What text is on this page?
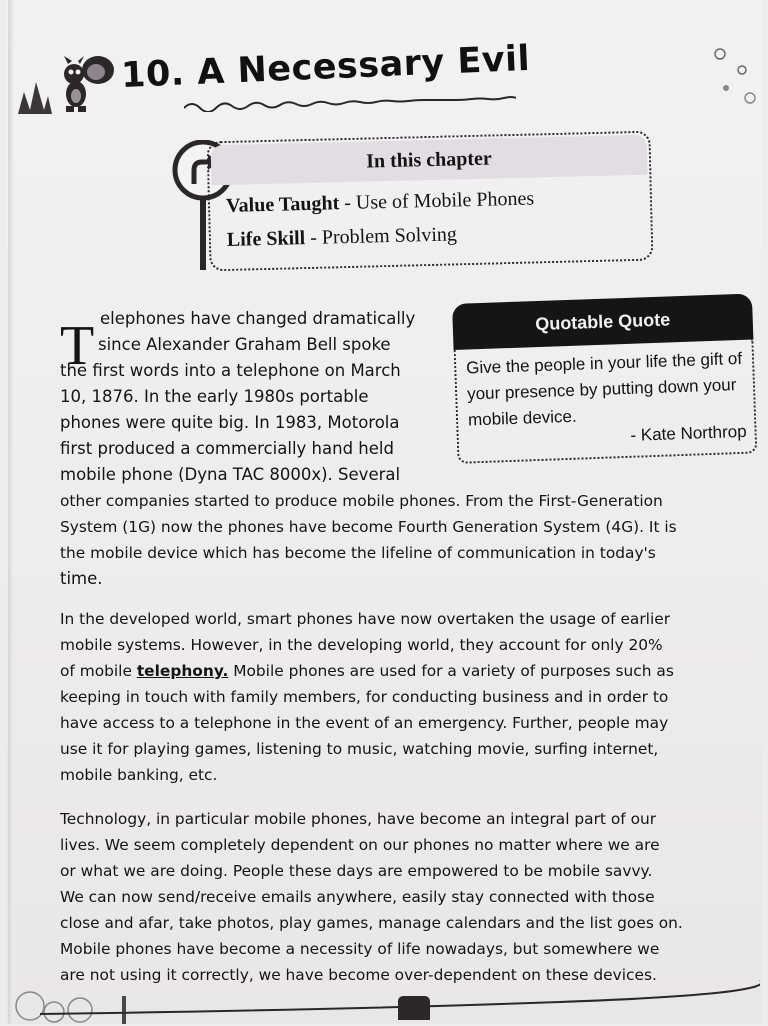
10. A Necessary Evil
In this chapter
Value Taught - Use of Mobile Phones
Life Skill - Problem Solving
Quotable Quote
Give the people in your life the gift of
your presence by putting down your
mobile device.
- Kate Northrop
T elephones have changed dramatically
since Alexander Graham Bell spoke
the first words into a telephone on March
10, 1876. In the early 1980s portable
phones were quite big. In 1983, Motorola
first produced a commercially hand held
mobile phone (Dyna TAC 8000x). Several
other companies started to produce mobile phones. From the First-Generation
System (1G) now the phones have become Fourth Generation System (4G). It is
the mobile device which has become the lifeline of communication in today's
time.
In the developed world, smart phones have now overtaken the usage of earlier
mobile systems. However, in the developing world, they account for only 20%
of mobile telephony. Mobile phones are used for a variety of purposes such as
keeping in touch with family members, for conducting business and in order to
have access to a telephone in the event of an emergency. Further, people may
use it for playing games, listening to music, watching movie, surfing internet,
mobile banking, etc.
Technology, in particular mobile phones, have become an integral part of our
lives. We seem completely dependent on our phones no matter where we are
or what we are doing. People these days are empowered to be mobile savvy.
We can now send/receive emails anywhere, easily stay connected with those
close and afar, take photos, play games, manage calendars and the list goes on.
Mobile phones have become a necessity of life nowadays, but somewhere we
are not using it correctly, we have become over-dependent on these devices.
